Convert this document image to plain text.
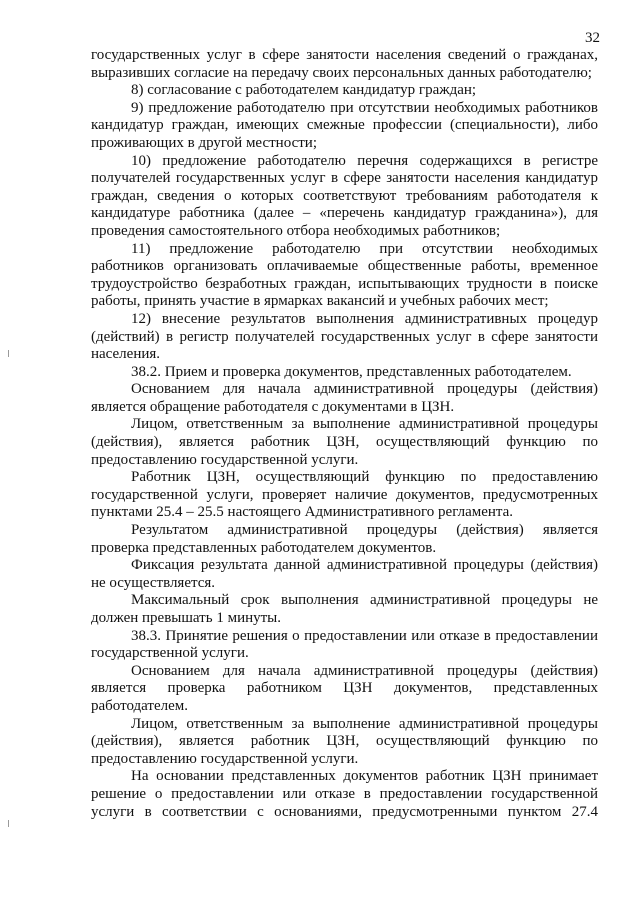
32

государственных услуг в сфере занятости населения сведений о гражданах, выразивших согласие на передачу своих персональных данных работодателю;

8) согласование с работодателем кандидатур граждан;

9) предложение работодателю при отсутствии необходимых работников кандидатур граждан, имеющих смежные профессии (специальности), либо проживающих в другой местности;

10) предложение работодателю перечня содержащихся в регистре получателей государственных услуг в сфере занятости населения кандидатур граждан, сведения о которых соответствуют требованиям работодателя к кандидатуре работника (далее – «перечень кандидатур гражданина»), для проведения самостоятельного отбора необходимых работников;

11) предложение работодателю при отсутствии необходимых работников организовать оплачиваемые общественные работы, временное трудоустройство безработных граждан, испытывающих трудности в поиске работы, принять участие в ярмарках вакансий и учебных рабочих мест;

12) внесение результатов выполнения административных процедур (действий) в регистр получателей государственных услуг в сфере занятости населения.

38.2. Прием и проверка документов, представленных работодателем.

Основанием для начала административной процедуры (действия) является обращение работодателя с документами в ЦЗН.

Лицом, ответственным за выполнение административной процедуры (действия), является работник ЦЗН, осуществляющий функцию по предоставлению государственной услуги.

Работник ЦЗН, осуществляющий функцию по предоставлению государственной услуги, проверяет наличие документов, предусмотренных пунктами 25.4 – 25.5 настоящего Административного регламента.

Результатом административной процедуры (действия) является проверка представленных работодателем документов.

Фиксация результата данной административной процедуры (действия) не осуществляется.

Максимальный срок выполнения административной процедуры не должен превышать 1 минуты.

38.3. Принятие решения о предоставлении или отказе в предоставлении государственной услуги.

Основанием для начала административной процедуры (действия) является проверка работником ЦЗН документов, представленных работодателем.

Лицом, ответственным за выполнение административной процедуры (действия), является работник ЦЗН, осуществляющий функцию по предоставлению государственной услуги.

На основании представленных документов работник ЦЗН принимает решение о предоставлении или отказе в предоставлении государственной услуги в соответствии с основаниями, предусмотренными пунктом 27.4
